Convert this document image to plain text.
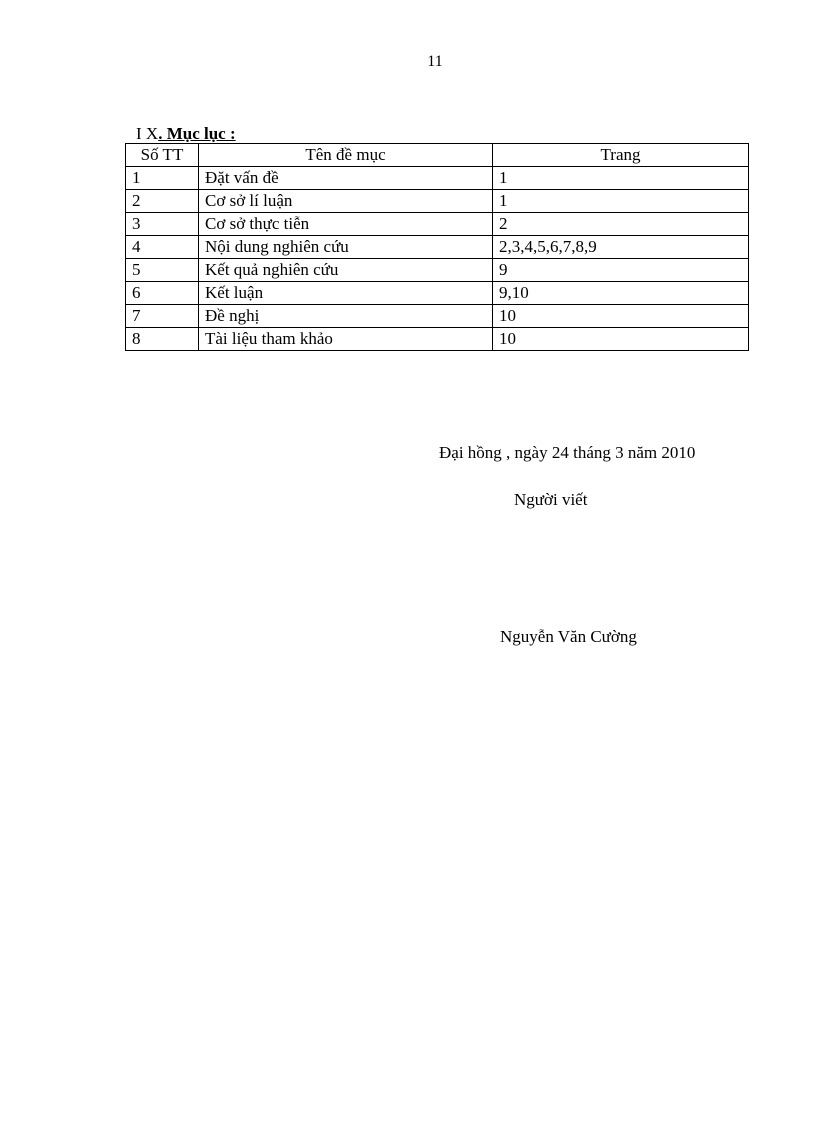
11
I X. Mục lục :
Số TT	Tên đề mục	Trang
1	Đặt vấn đề	1
2	Cơ sở lí luận	1
3	Cơ sở thực tiễn	2
4	Nội dung nghiên cứu	2,3,4,5,6,7,8,9
5	Kết quả nghiên cứu	9
6	Kết luận	9,10
7	Đề nghị	10
8	Tài liệu tham khảo	10
Đại hồng , ngày 24 tháng 3 năm 2010
Người viết
Nguyễn Văn Cường
